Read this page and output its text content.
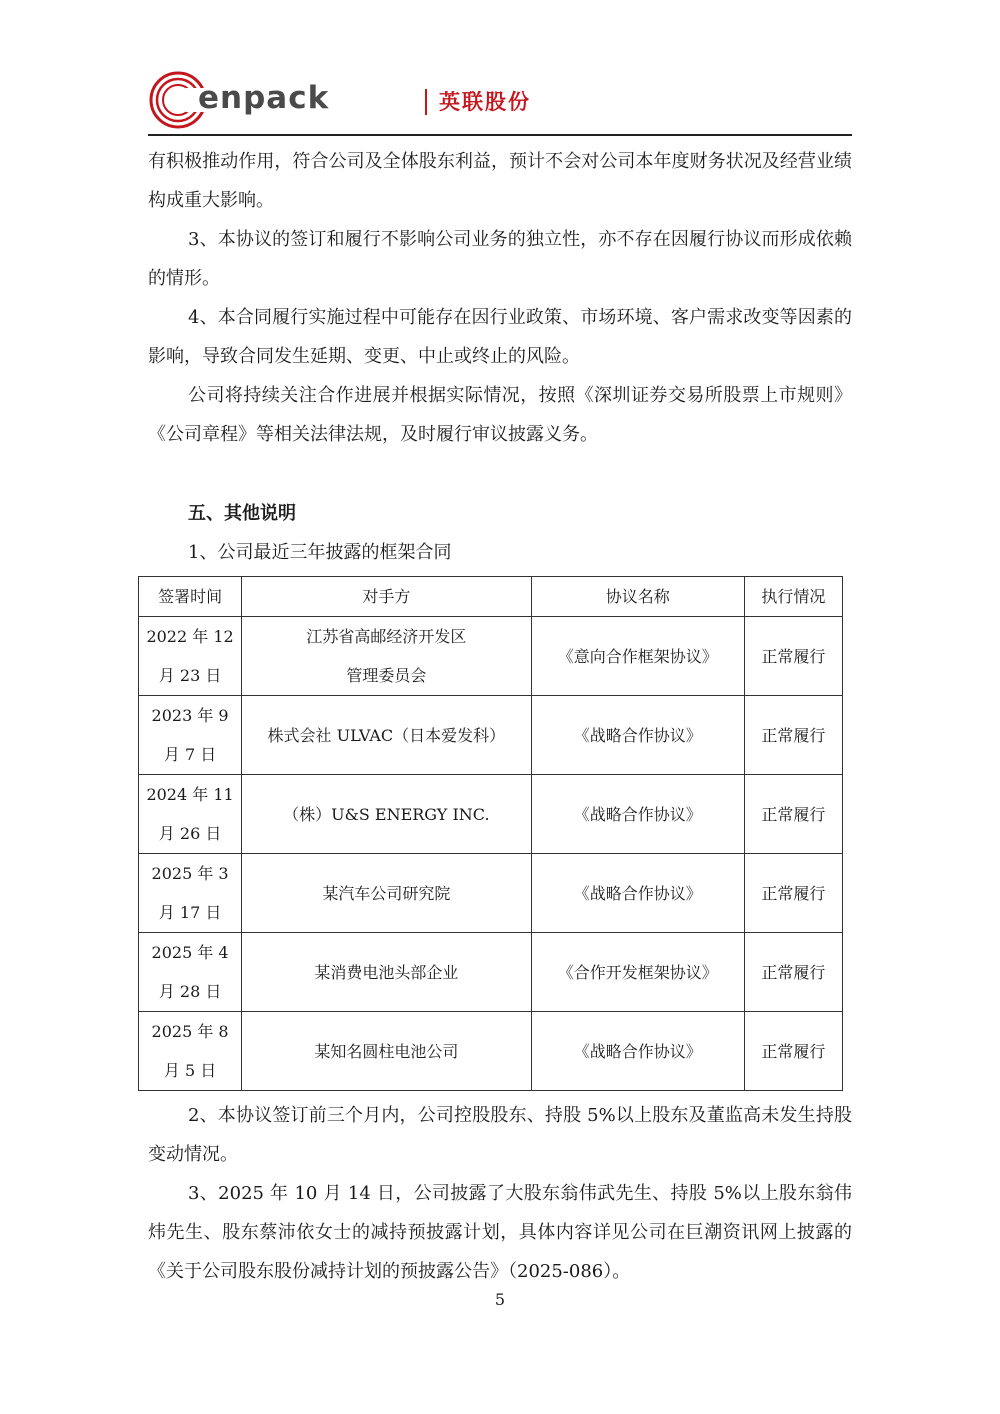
enpack	英联股份

有积极推动作用，符合公司及全体股东利益，预计不会对公司本年度财务状况及经营业绩构成重大影响。

3、本协议的签订和履行不影响公司业务的独立性，亦不存在因履行协议而形成依赖的情形。

4、本合同履行实施过程中可能存在因行业政策、市场环境、客户需求改变等因素的影响，导致合同发生延期、变更、中止或终止的风险。

公司将持续关注合作进展并根据实际情况，按照《深圳证券交易所股票上市规则》《公司章程》等相关法律法规，及时履行审议披露义务。

五、其他说明

1、公司最近三年披露的框架合同

签署时间	对手方	协议名称	执行情况
2022 年 12
月 23 日	江苏省高邮经济开发区
管理委员会	《意向合作框架协议》	正常履行
2023 年 9
月 7 日	株式会社 ULVAC（日本爱发科）	《战略合作协议》	正常履行
2024 年 11
月 26 日	（株）U&S ENERGY INC.	《战略合作协议》	正常履行
2025 年 3
月 17 日	某汽车公司研究院	《战略合作协议》	正常履行
2025 年 4
月 28 日	某消费电池头部企业	《合作开发框架协议》	正常履行
2025 年 8
月 5 日	某知名圆柱电池公司	《战略合作协议》	正常履行

2、本协议签订前三个月内，公司控股股东、持股 5%以上股东及董监高未发生持股变动情况。

3、2025 年 10 月 14 日，公司披露了大股东翁伟武先生、持股 5%以上股东翁伟炜先生、股东蔡沛依女士的减持预披露计划，具体内容详见公司在巨潮资讯网上披露的《关于公司股东股份减持计划的预披露公告》（2025-086）。

5
